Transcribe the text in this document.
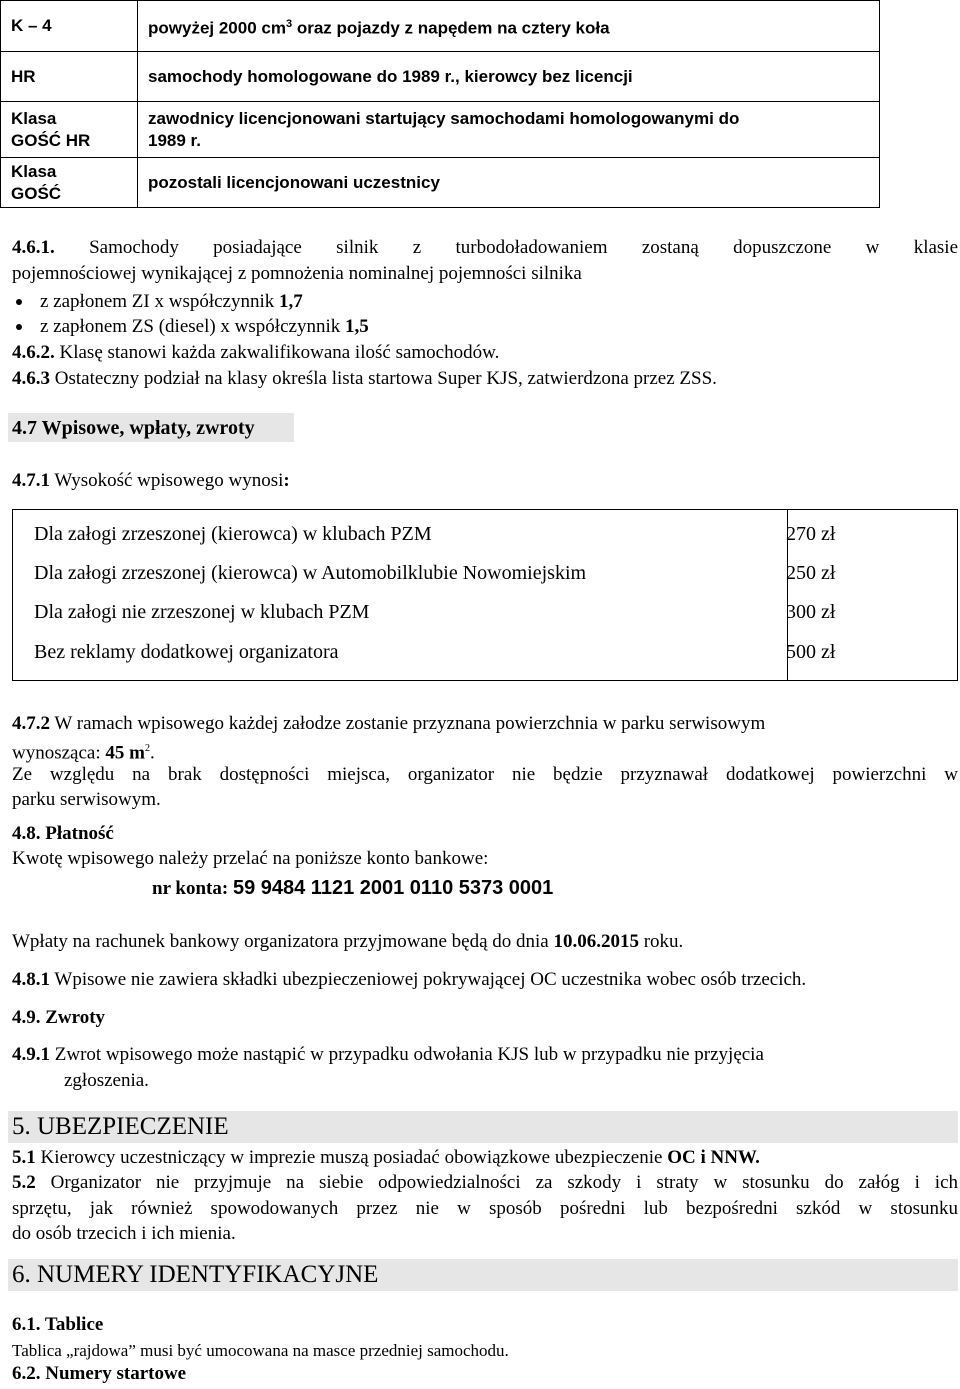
K – 4	powyżej 2000 $cm^3$ oraz pojazdy z napędem na cztery koła
HR	samochody homologowane do 1989 r., kierowcy bez licencji
Klasa
GOŚĆ HR	zawodnicy licencjonowani startujący samochodami homologowanymi do
1989 r.
Klasa
GOŚĆ	pozostali licencjonowani uczestnicy
4.6.1. Samochody posiadające silnik z turbodoładowaniem zostaną dopuszczone w klasie
pojemnościowej wynikającej z pomnożenia nominalnej pojemności silnika
z zapłonem ZI x współczynnik 1,7
z zapłonem ZS (diesel) x współczynnik 1,5
4.6.2. Klasę stanowi każda zakwalifikowana ilość samochodów.
4.6.3 Ostateczny podział na klasy określa lista startowa Super KJS, zatwierdzona przez ZSS.
4.7 Wpisowe, wpłaty, zwroty
4.7.1 Wysokość wpisowego wynosi:
Dla załogi zrzeszonej (kierowca) w klubach PZM	270 zł
Dla załogi zrzeszonej (kierowca) w Automobilklubie Nowomiejskim	250 zł
Dla załogi nie zrzeszonej w klubach PZM	300 zł
Bez reklamy dodatkowej organizatora	500 zł
4.7.2 W ramach wpisowego każdej załodze zostanie przyznana powierzchnia w parku serwisowym
wynosząca: 45 $m^2$.
Ze względu na brak dostępności miejsca, organizator nie będzie przyznawał dodatkowej powierzchni w
parku serwisowym.
4.8. Płatność
Kwotę wpisowego należy przelać na poniższe konto bankowe:
nr konta: 59 9484 1121 2001 0110 5373 0001
Wpłaty na rachunek bankowy organizatora przyjmowane będą do dnia 10.06.2015 roku.
4.8.1 Wpisowe nie zawiera składki ubezpieczeniowej pokrywającej OC uczestnika wobec osób trzecich.
4.9. Zwroty
4.9.1 Zwrot wpisowego może nastąpić w przypadku odwołania KJS lub w przypadku nie przyjęcia
zgłoszenia.
5. UBEZPIECZENIE
5.1 Kierowcy uczestniczący w imprezie muszą posiadać obowiązkowe ubezpieczenie OC i NNW.
5.2 Organizator nie przyjmuje na siebie odpowiedzialności za szkody i straty w stosunku do załóg i ich
sprzętu, jak również spowodowanych przez nie w sposób pośredni lub bezpośredni szkód w stosunku
do osób trzecich i ich mienia.
6. NUMERY IDENTYFIKACYJNE
6.1. Tablice
Tablica „rajdowa” musi być umocowana na masce przedniej samochodu.
6.2. Numery startowe
